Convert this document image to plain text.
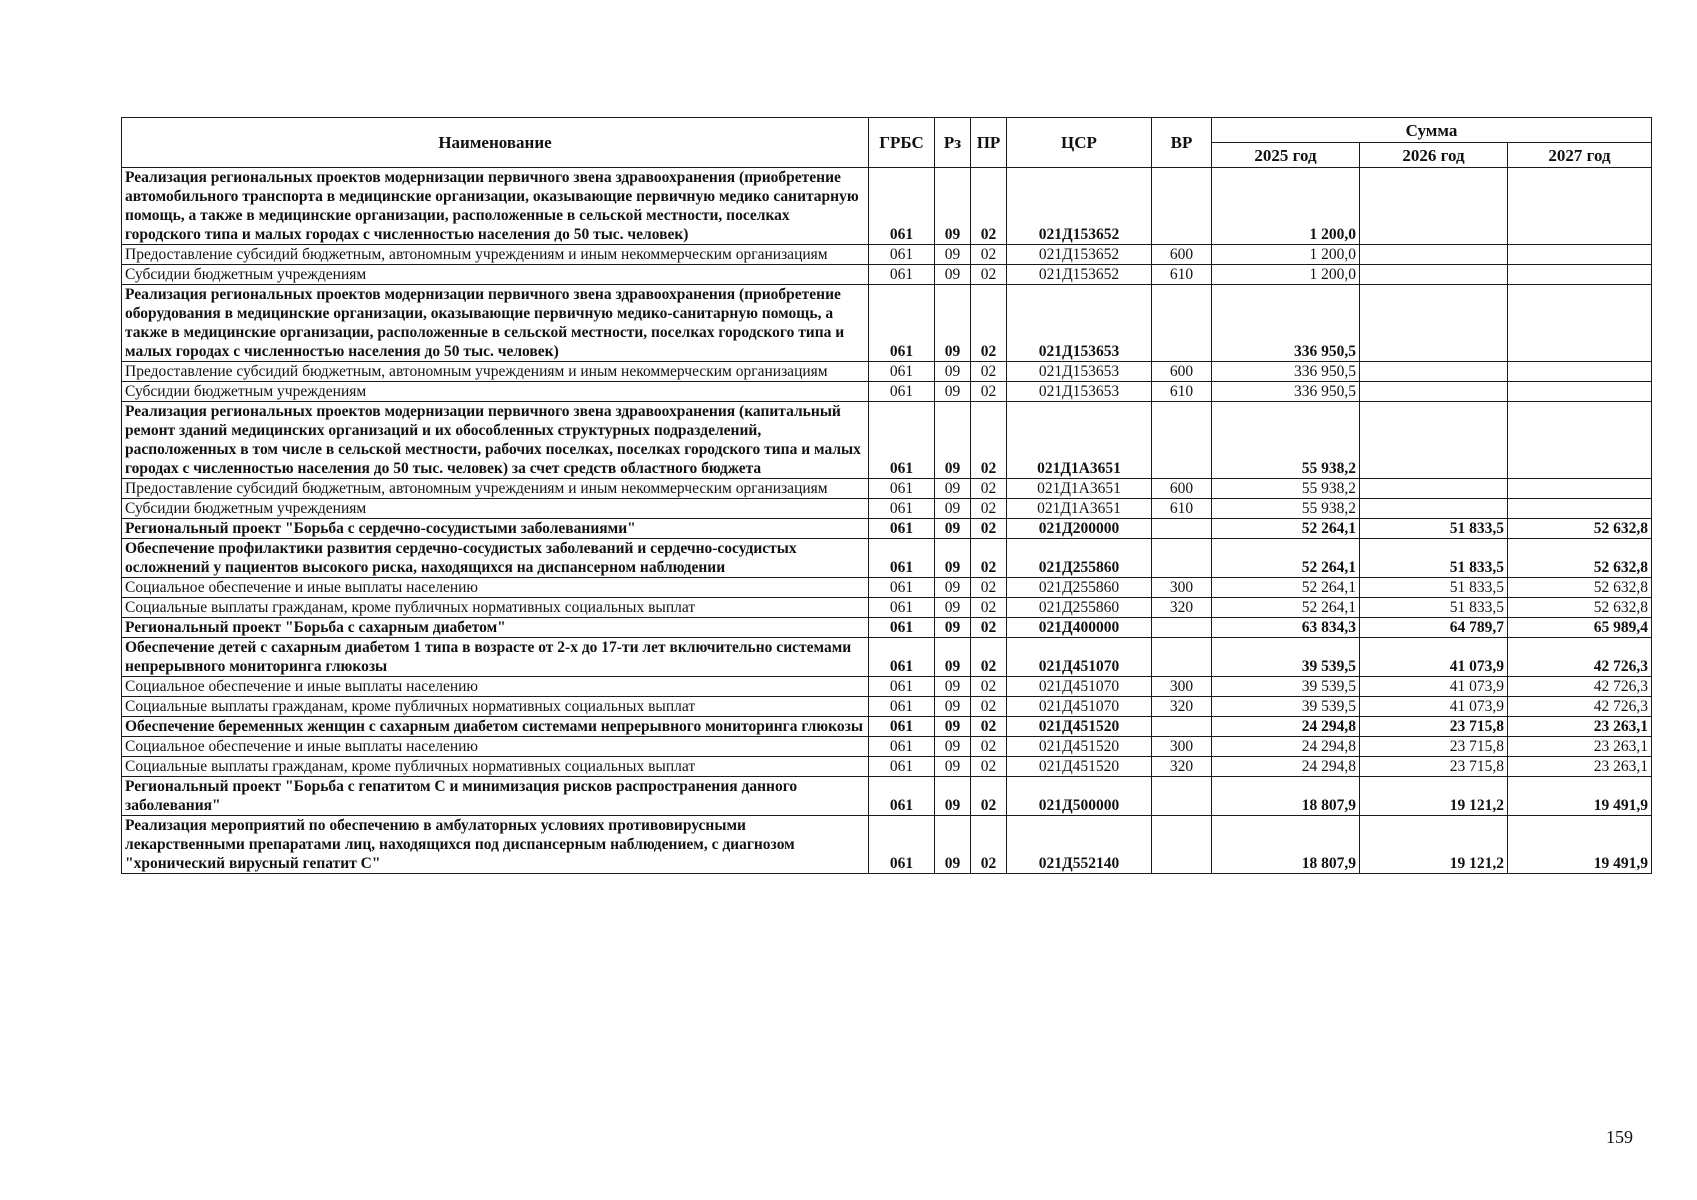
Наименование	ГРБС	Рз	ПР	ЦСР	ВР	Сумма		
						2025 год	2026 год	2027 год
Реализация региональных проектов модернизации первичного звена здравоохранения (приобретение автомобильного транспорта в медицинские организации, оказывающие первичную медико санитарную помощь, а также в медицинские организации, расположенные в сельской местности, поселках городского типа и малых городах с численностью населения до 50 тыс. человек)	061	09	02	021Д153652		1 200,0		
Предоставление субсидий бюджетным, автономным учреждениям и иным некоммерческим организациям	061	09	02	021Д153652	600	1 200,0		
Субсидии бюджетным учреждениям	061	09	02	021Д153652	610	1 200,0		
Реализация региональных проектов модернизации первичного звена здравоохранения (приобретение оборудования в медицинские организации, оказывающие первичную медико-санитарную помощь, а также в медицинские организации, расположенные в сельской местности, поселках городского типа и малых городах с численностью населения до 50 тыс. человек)	061	09	02	021Д153653		336 950,5		
Предоставление субсидий бюджетным, автономным учреждениям и иным некоммерческим организациям	061	09	02	021Д153653	600	336 950,5		
Субсидии бюджетным учреждениям	061	09	02	021Д153653	610	336 950,5		
Реализация региональных проектов модернизации первичного звена здравоохранения (капитальный ремонт зданий медицинских организаций и их обособленных структурных подразделений, расположенных в том числе в сельской местности, рабочих поселках, поселках городского типа и малых городах с численностью населения до 50 тыс. человек) за счет средств областного бюджета	061	09	02	021Д1А3651		55 938,2		
Предоставление субсидий бюджетным, автономным учреждениям и иным некоммерческим организациям	061	09	02	021Д1А3651	600	55 938,2		
Субсидии бюджетным учреждениям	061	09	02	021Д1А3651	610	55 938,2		
Региональный проект "Борьба с сердечно-сосудистыми заболеваниями"	061	09	02	021Д200000		52 264,1	51 833,5	52 632,8
Обеспечение профилактики развития сердечно-сосудистых заболеваний и сердечно-сосудистых осложнений у пациентов высокого риска, находящихся на диспансерном наблюдении	061	09	02	021Д255860		52 264,1	51 833,5	52 632,8
Социальное обеспечение и иные выплаты населению	061	09	02	021Д255860	300	52 264,1	51 833,5	52 632,8
Социальные выплаты гражданам, кроме публичных нормативных социальных выплат	061	09	02	021Д255860	320	52 264,1	51 833,5	52 632,8
Региональный проект "Борьба с сахарным диабетом"	061	09	02	021Д400000		63 834,3	64 789,7	65 989,4
Обеспечение детей с сахарным диабетом 1 типа в возрасте от 2-х до 17-ти лет включительно системами непрерывного мониторинга глюкозы	061	09	02	021Д451070		39 539,5	41 073,9	42 726,3
Социальное обеспечение и иные выплаты населению	061	09	02	021Д451070	300	39 539,5	41 073,9	42 726,3
Социальные выплаты гражданам, кроме публичных нормативных социальных выплат	061	09	02	021Д451070	320	39 539,5	41 073,9	42 726,3
Обеспечение беременных женщин с сахарным диабетом системами непрерывного мониторинга глюкозы	061	09	02	021Д451520		24 294,8	23 715,8	23 263,1
Социальное обеспечение и иные выплаты населению	061	09	02	021Д451520	300	24 294,8	23 715,8	23 263,1
Социальные выплаты гражданам, кроме публичных нормативных социальных выплат	061	09	02	021Д451520	320	24 294,8	23 715,8	23 263,1
Региональный проект "Борьба с гепатитом С и минимизация рисков распространения данного заболевания"	061	09	02	021Д500000		18 807,9	19 121,2	19 491,9
Реализация мероприятий по обеспечению в амбулаторных условиях противовирусными лекарственными препаратами лиц, находящихся под диспансерным наблюдением, с диагнозом "хронический вирусный гепатит С"	061	09	02	021Д552140		18 807,9	19 121,2	19 491,9
159
